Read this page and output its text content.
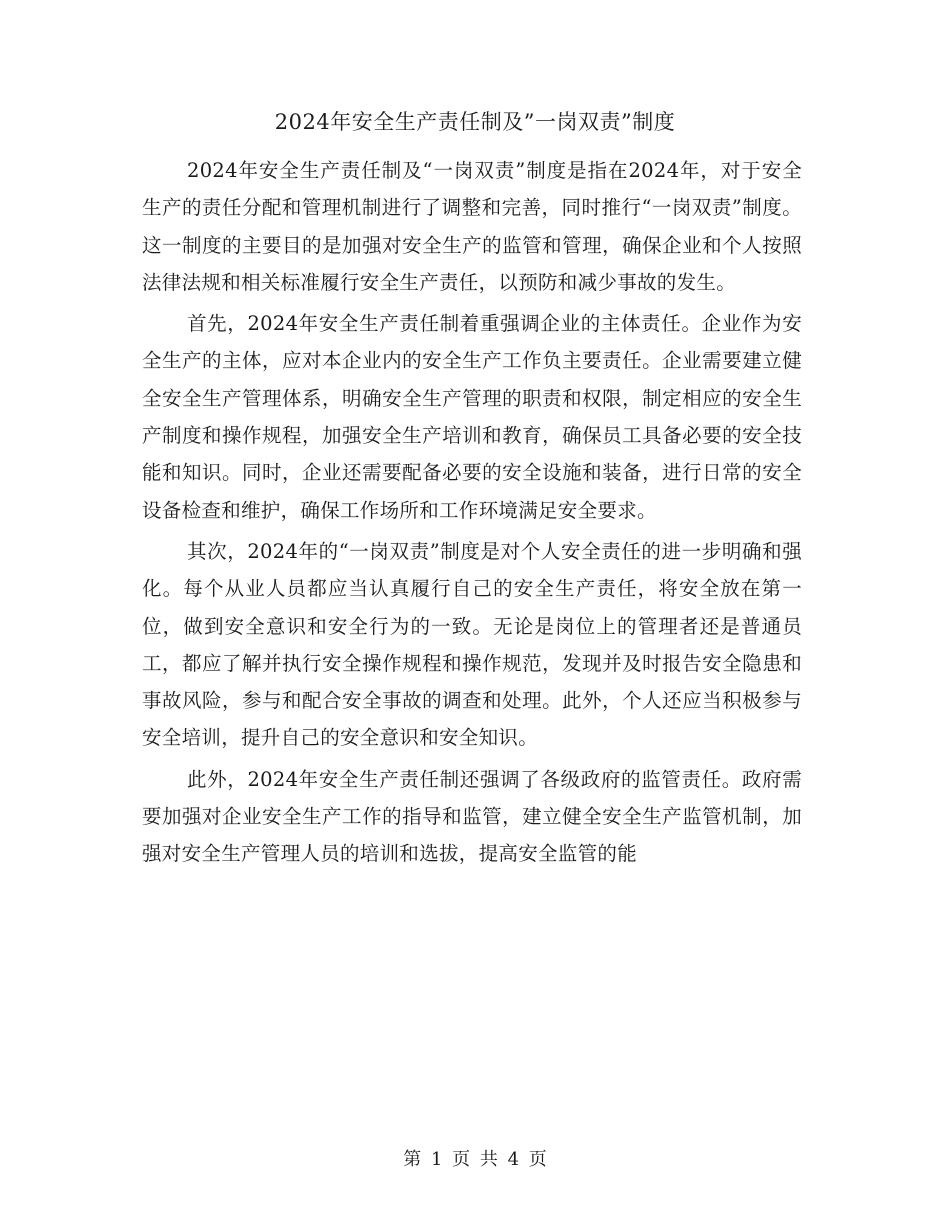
2024年安全生产责任制及”一岗双责”制度

2024年安全生产责任制及“一岗双责”制度是指在2024年，对于安全生产的责任分配和管理机制进行了调整和完善，同时推行“一岗双责”制度。这一制度的主要目的是加强对安全生产的监管和管理，确保企业和个人按照法律法规和相关标准履行安全生产责任，以预防和减少事故的发生。

首先，2024年安全生产责任制着重强调企业的主体责任。企业作为安全生产的主体，应对本企业内的安全生产工作负主要责任。企业需要建立健全安全生产管理体系，明确安全生产管理的职责和权限，制定相应的安全生产制度和操作规程，加强安全生产培训和教育，确保员工具备必要的安全技能和知识。同时，企业还需要配备必要的安全设施和装备，进行日常的安全设备检查和维护，确保工作场所和工作环境满足安全要求。

其次，2024年的“一岗双责”制度是对个人安全责任的进一步明确和强化。每个从业人员都应当认真履行自己的安全生产责任，将安全放在第一位，做到安全意识和安全行为的一致。无论是岗位上的管理者还是普通员工，都应了解并执行安全操作规程和操作规范，发现并及时报告安全隐患和事故风险，参与和配合安全事故的调查和处理。此外，个人还应当积极参与安全培训，提升自己的安全意识和安全知识。

此外，2024年安全生产责任制还强调了各级政府的监管责任。政府需要加强对企业安全生产工作的指导和监管，建立健全安全生产监管机制，加强对安全生产管理人员的培训和选拔，提高安全监管的能

第 1 页 共 4 页
